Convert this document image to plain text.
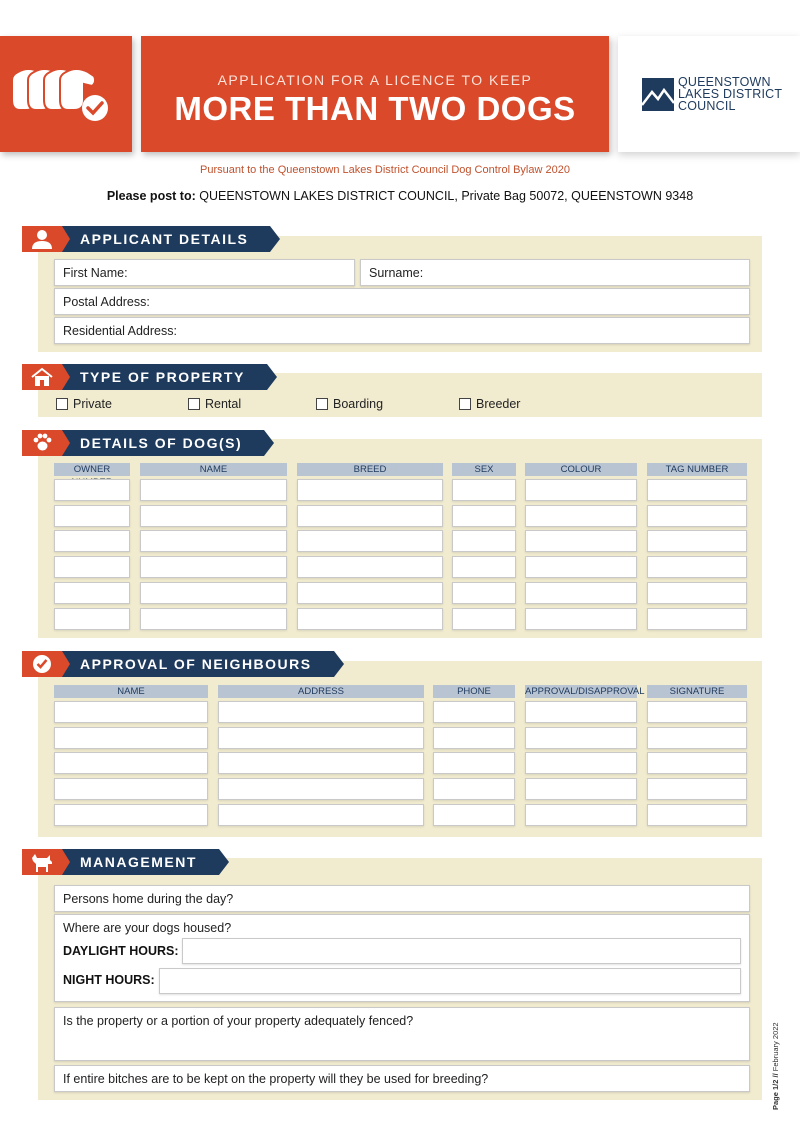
APPLICATION FOR A LICENCE TO KEEP
MORE THAN TWO DOGS
QUEENSTOWN
LAKES DISTRICT
COUNCIL
Pursuant to the Queenstown Lakes District Council Dog Control Bylaw 2020
Please post to: QUEENSTOWN LAKES DISTRICT COUNCIL, Private Bag 50072, QUEENSTOWN 9348
APPLICANT DETAILS
First Name:	Surname:
Postal Address:
Residential Address:
TYPE OF PROPERTY
Private	Rental	Boarding	Breeder
DETAILS OF DOG(S)
OWNER	NAME	BREED	SEX	COLOUR	TAG NUMBER
APPROVAL OF NEIGHBOURS
NAME	ADDRESS	PHONE	APPROVAL/DISAPPROVAL	SIGNATURE
MANAGEMENT
Persons home during the day?
Where are your dogs housed?
DAYLIGHT HOURS:
NIGHT HOURS:
Is the property or a portion of your property adequately fenced?
If entire bitches are to be kept on the property will they be used for breeding?
Page 1/2 // February 2022
